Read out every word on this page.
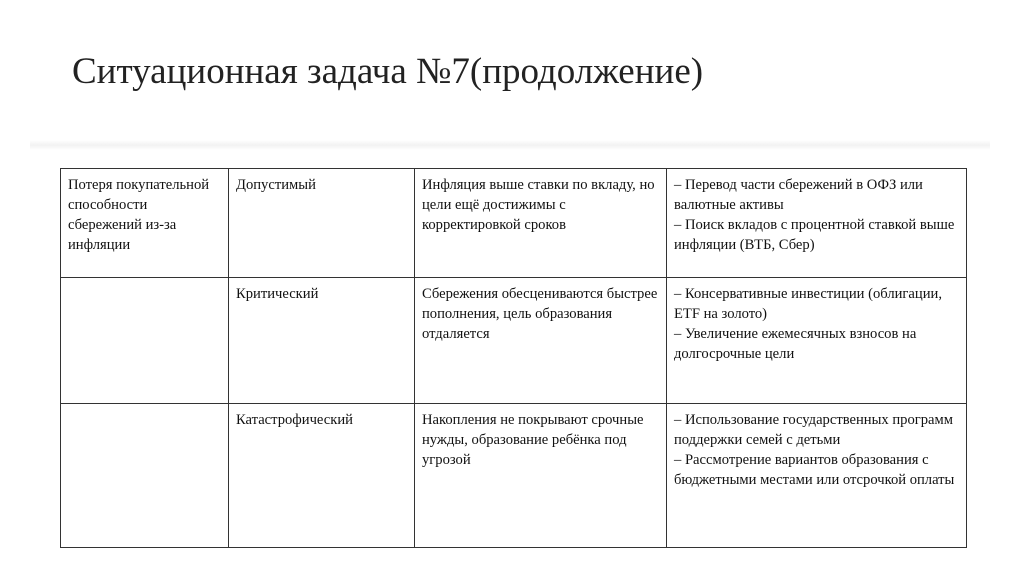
Ситуационная задача №7(продолжение)
Потеря покупательной способности сбережений из-за инфляции	Допустимый	Инфляция выше ставки по вкладу, но цели ещё достижимы с корректировкой сроков	– Перевод части сбережений в ОФЗ или валютные активы
– Поиск вкладов с процентной ставкой выше инфляции (ВТБ, Сбер)

	Критический	Сбережения обесцениваются быстрее пополнения, цель образования отдаляется	– Консервативные инвестиции (облигации, ETF на золото)
– Увеличение ежемесячных взносов на долгосрочные цели

	Катастрофический	Накопления не покрывают срочные нужды, образование ребёнка под угрозой	– Использование государственных программ поддержки семей с детьми
– Рассмотрение вариантов образования с бюджетными местами или отсрочкой оплаты
